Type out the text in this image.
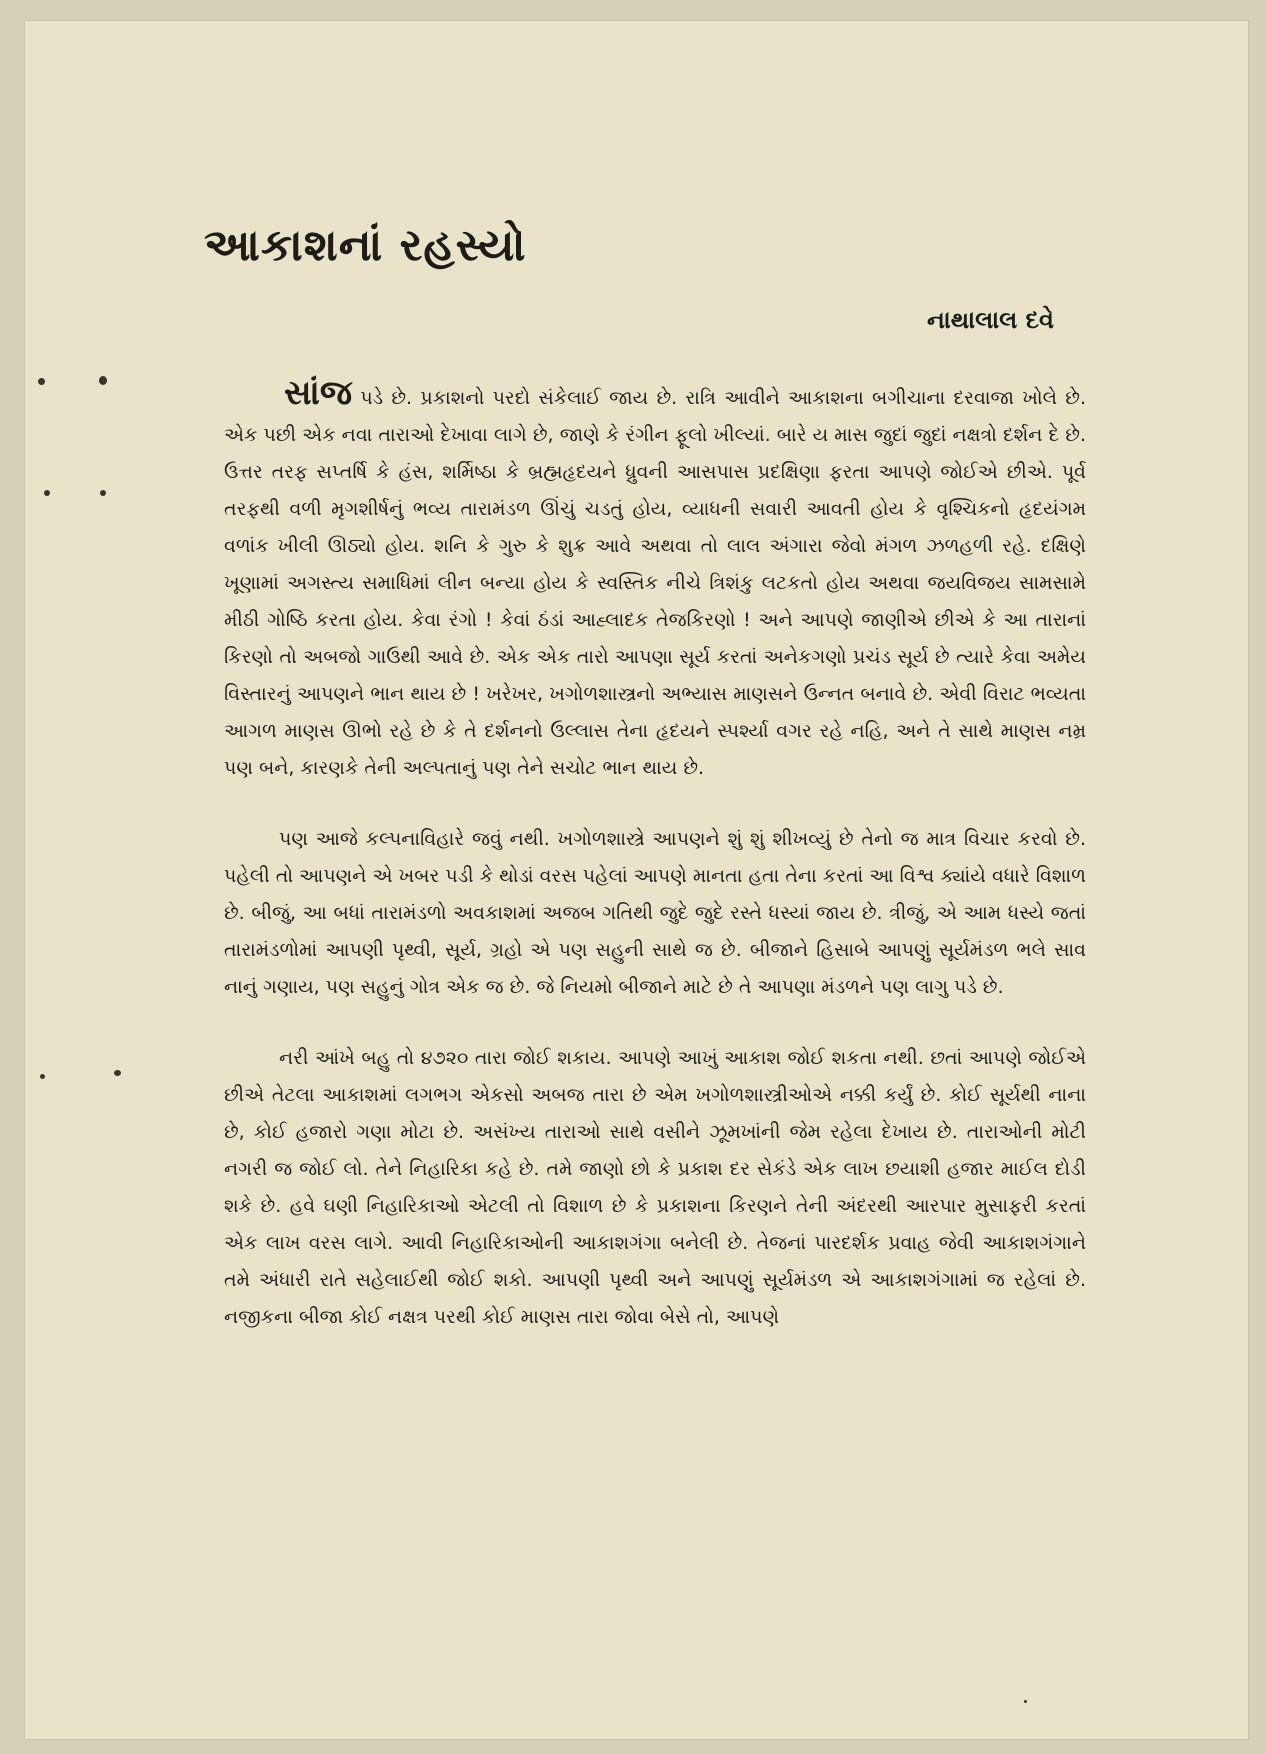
આકાશનાં રહસ્યો

નાથાલાલ દવે

સાંજ પડે છે. પ્રકાશનો પરદો સંકેલાઈ જાય છે. રાત્રિ આવીને આકાશના બગીચાના દરવાજા ખોલે છે. એક પછી એક નવા તારાઓ દેખાવા લાગે છે, જાણે કે રંગીન ફૂલો ખીલ્યાં. બારે ય માસ જુદાં જુદાં નક્ષત્રો દર્શન દે છે. ઉત્તર તરફ સપ્તર્ષિ કે હંસ, શર્મિષ્ઠા કે બ્રહ્મહૃદયને ધ્રુવની આસપાસ પ્રદક્ષિણા ફરતા આપણે જોઈએ છીએ. પૂર્વ તરફથી વળી મૃગશીર્ષનું ભવ્ય તારામંડળ ઊંચું ચડતું હોય, વ્યાધની સવારી આવતી હોય કે વૃશ્ચિકનો હૃદયંગમ વળાંક ખીલી ઊઠ્યો હોય. શનિ કે ગુરુ કે શુક્ર આવે અથવા તો લાલ અંગારા જેવો મંગળ ઝળહળી રહે. દક્ષિણે ખૂણામાં અગસ્ત્ય સમાધિમાં લીન બન્યા હોય કે સ્વસ્તિક નીચે ત્રિશંકુ લટકતો હોય અથવા જયવિજય સામસામે મીઠી ગોષ્ઠિ કરતા હોય. કેવા રંગો ! કેવાં ઠંડાં આહ્લાદક તેજકિરણો ! અને આપણે જાણીએ છીએ કે આ તારાનાં કિરણો તો અબજો ગાઉથી આવે છે. એક એક તારો આપણા સૂર્ય કરતાં અનેકગણો પ્રચંડ સૂર્ય છે ત્યારે કેવા અમેય વિસ્તારનું આપણને ભાન થાય છે ! ખરેખર, ખગોળશાસ્ત્રનો અભ્યાસ માણસને ઉન્નત બનાવે છે. એવી વિરાટ ભવ્યતા આગળ માણસ ઊભો રહે છે કે તે દર્શનનો ઉલ્લાસ તેના હૃદયને સ્પર્શ્યા વગર રહે નહિ, અને તે સાથે માણસ નમ્ર પણ બને, કારણકે તેની અલ્પતાનું પણ તેને સચોટ ભાન થાય છે.

પણ આજે કલ્પનાવિહારે જવું નથી. ખગોળશાસ્ત્રે આપણને શું શું શીખવ્યું છે તેનો જ માત્ર વિચાર કરવો છે. પહેલી તો આપણને એ ખબર પડી કે થોડાં વરસ પહેલાં આપણે માનતા હતા તેના કરતાં આ વિશ્વ ક્યાંયે વધારે વિશાળ છે. બીજું, આ બધાં તારામંડળો અવકાશમાં અજબ ગતિથી જુદે જુદે રસ્તે ધસ્યાં જાય છે. ત્રીજું, એ આમ ધસ્યે જતાં તારામંડળોમાં આપણી પૃથ્વી, સૂર્ય, ગ્રહો એ પણ સહુની સાથે જ છે. બીજાને હિસાબે આપણું સૂર્યમંડળ ભલે સાવ નાનું ગણાય, પણ સહુનું ગોત્ર એક જ છે. જે નિયમો બીજાને માટે છે તે આપણા મંડળને પણ લાગુ પડે છે.

નરી આંખે બહુ તો ૪૭૨૦ તારા જોઈ શકાય. આપણે આખું આકાશ જોઈ શકતા નથી. છતાં આપણે જોઈએ છીએ તેટલા આકાશમાં લગભગ એકસો અબજ તારા છે એમ ખગોળશાસ્ત્રીઓએ નક્કી કર્યું છે. કોઈ સૂર્યથી નાના છે, કોઈ હજારો ગણા મોટા છે. અસંખ્ય તારાઓ સાથે વસીને ઝૂમખાંની જેમ રહેલા દેખાય છે. તારાઓની મોટી નગરી જ જોઈ લો. તેને નિહારિકા કહે છે. તમે જાણો છો કે પ્રકાશ દર સેકંડે એક લાખ છયાશી હજાર માઈલ દોડી શકે છે. હવે ઘણી નિહારિકાઓ એટલી તો વિશાળ છે કે પ્રકાશના કિરણને તેની અંદરથી આરપાર મુસાફરી કરતાં એક લાખ વરસ લાગે. આવી નિહારિકાઓની આકાશગંગા બનેલી છે. તેજનાં પારદર્શક પ્રવાહ જેવી આકાશગંગાને તમે અંધારી રાતે સહેલાઈથી જોઈ શકો. આપણી પૃથ્વી અને આપણું સૂર્યમંડળ એ આકાશગંગામાં જ રહેલાં છે. નજીકના બીજા કોઈ નક્ષત્ર પરથી કોઈ માણસ તારા જોવા બેસે તો, આપણે
